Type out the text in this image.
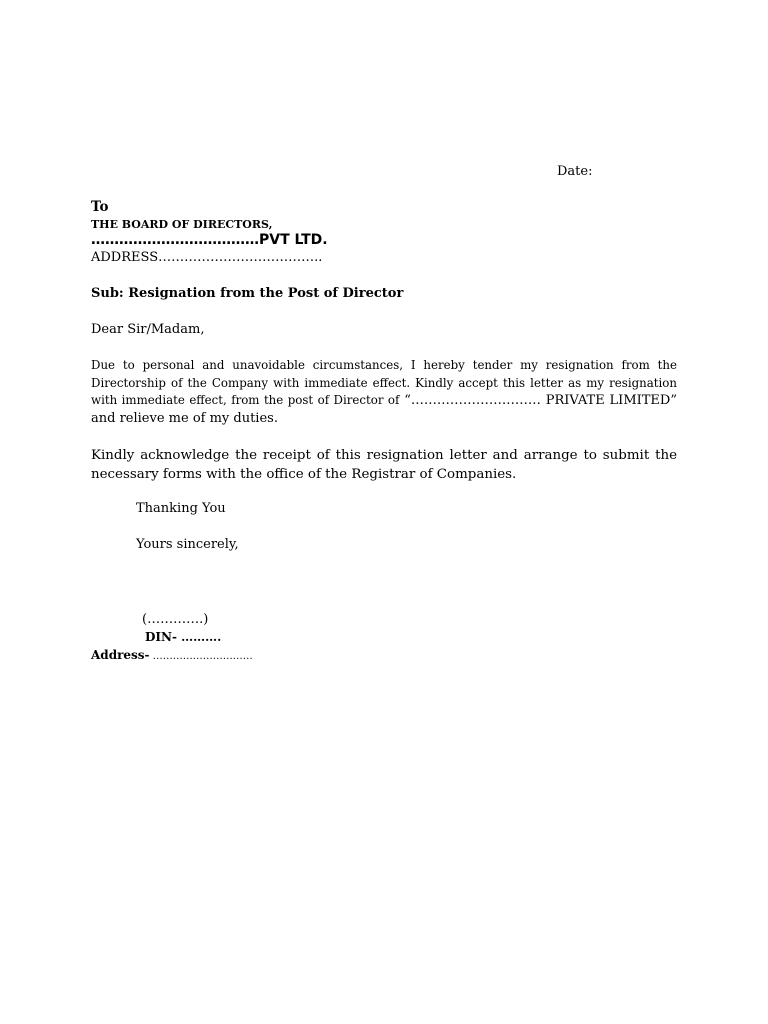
Date:
To
THE BOARD OF DIRECTORS,
………………………………PVT LTD.
ADDRESS………………………………..
Sub: Resignation from the Post of Director
Dear Sir/Madam,
Due to personal and unavoidable circumstances, I hereby tender my resignation from the Directorship of the Company with immediate effect. Kindly accept this letter as my resignation with immediate effect, from the post of Director of “………………………… PRIVATE LIMITED” and relieve me of my duties.
Kindly acknowledge the receipt of this resignation letter and arrange to submit the necessary forms with the office of the Registrar of Companies.
Thanking You
Yours sincerely,
(………….)
DIN- ……….
Address- …………………………
